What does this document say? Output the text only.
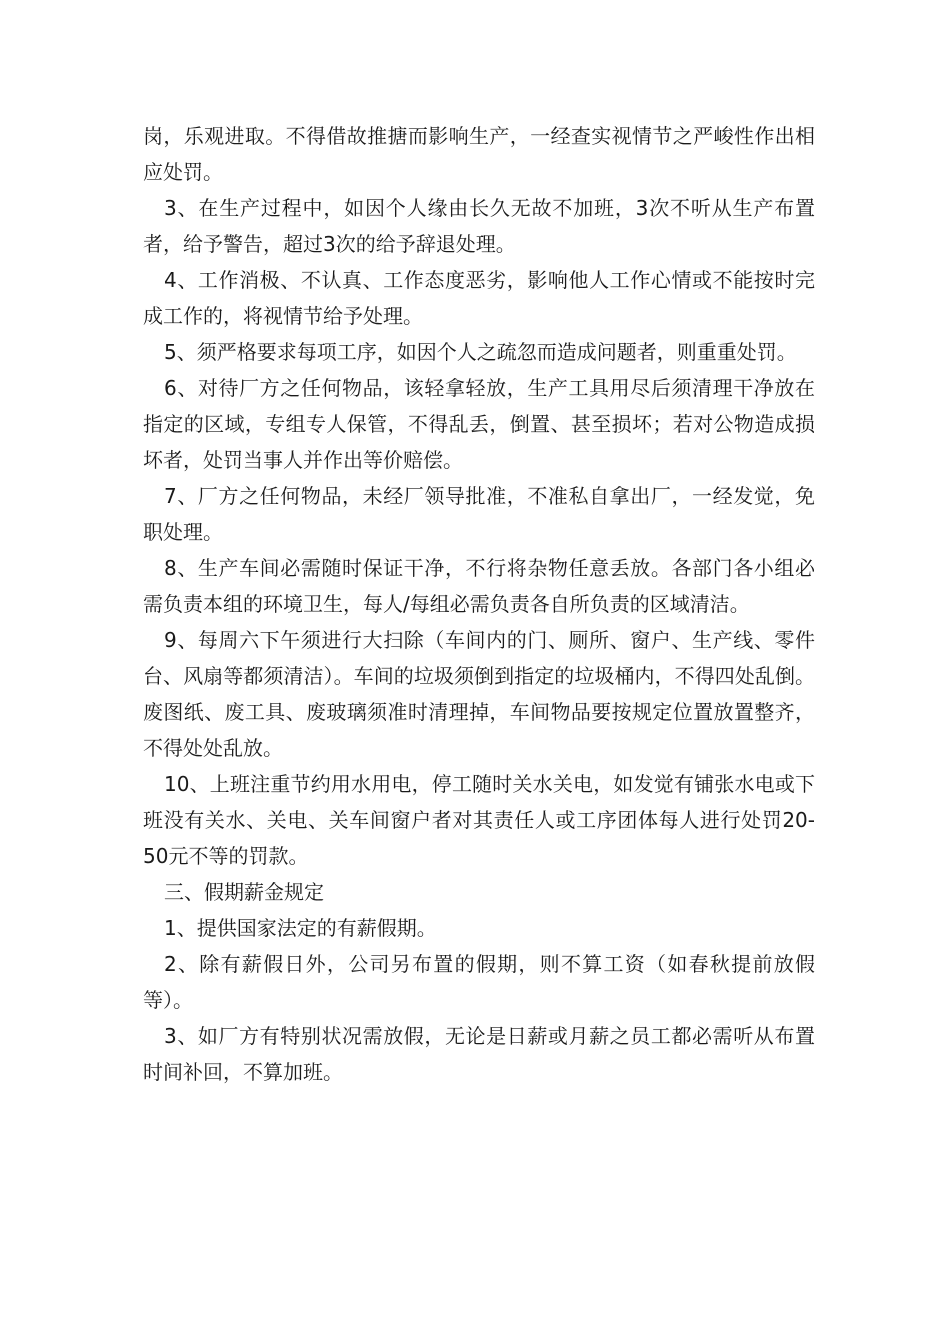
岗，乐观进取。不得借故推搪而影响生产，一经查实视情节之严峻性作出相应处罚。

3、在生产过程中，如因个人缘由长久无故不加班，3次不听从生产布置者，给予警告，超过3次的给予辞退处理。

4、工作消极、不认真、工作态度恶劣，影响他人工作心情或不能按时完成工作的，将视情节给予处理。

5、须严格要求每项工序，如因个人之疏忽而造成问题者，则重重处罚。

6、对待厂方之任何物品，该轻拿轻放，生产工具用尽后须清理干净放在指定的区域，专组专人保管，不得乱丢，倒置、甚至损坏；若对公物造成损坏者，处罚当事人并作出等价赔偿。

7、厂方之任何物品，未经厂领导批准，不准私自拿出厂，一经发觉，免职处理。

8、生产车间必需随时保证干净，不行将杂物任意丢放。各部门各小组必需负责本组的环境卫生，每人/每组必需负责各自所负责的区域清洁。

9、每周六下午须进行大扫除（车间内的门、厕所、窗户、生产线、零件台、风扇等都须清洁）。车间的垃圾须倒到指定的垃圾桶内，不得四处乱倒。废图纸、废工具、废玻璃须准时清理掉，车间物品要按规定位置放置整齐，不得处处乱放。

10、上班注重节约用水用电，停工随时关水关电，如发觉有铺张水电或下班没有关水、关电、关车间窗户者对其责任人或工序团体每人进行处罚20-50元不等的罚款。

三、假期薪金规定

1、提供国家法定的有薪假期。

2、除有薪假日外，公司另布置的假期，则不算工资（如春秋提前放假等）。

3、如厂方有特别状况需放假，无论是日薪或月薪之员工都必需听从布置时间补回，不算加班。
